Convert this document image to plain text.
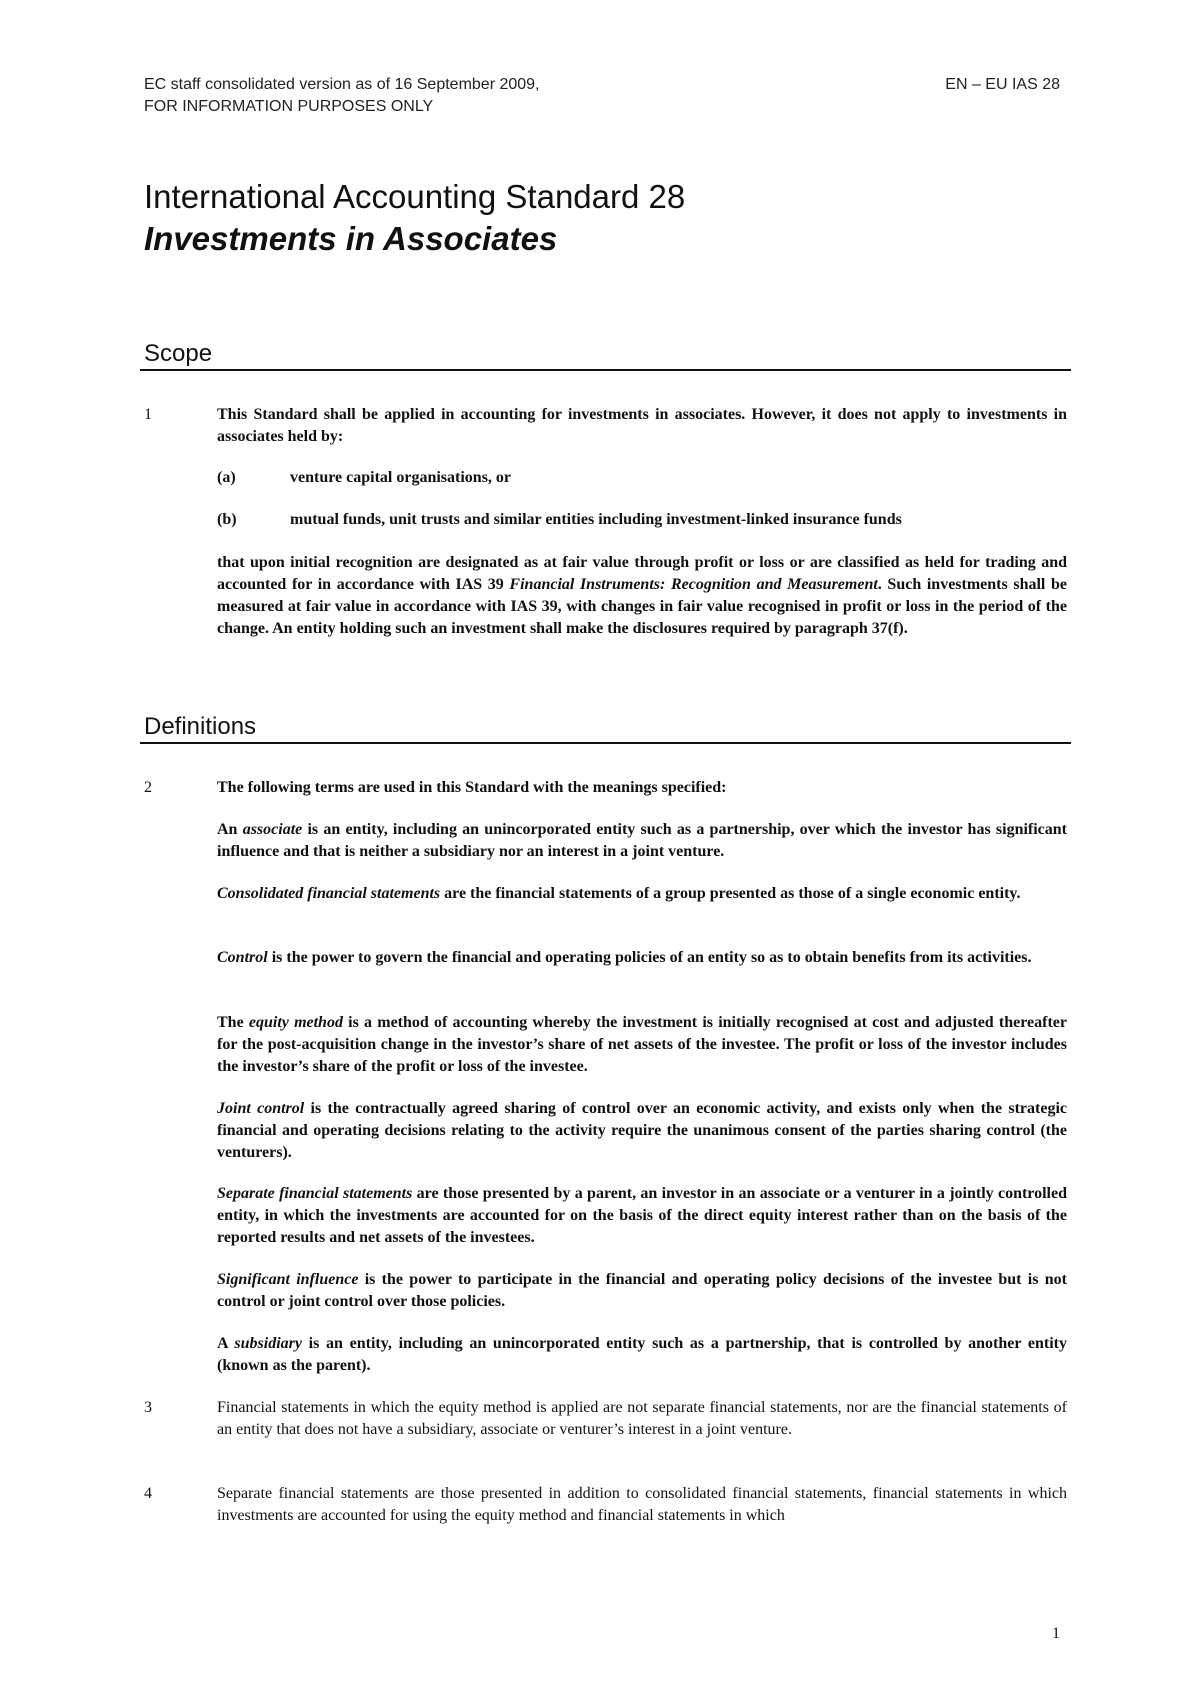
EC staff consolidated version as of 16 September 2009,
FOR INFORMATION PURPOSES ONLY
EN – EU IAS 28
International Accounting Standard 28
Investments in Associates
Scope
1	This Standard shall be applied in accounting for investments in associates. However, it does not apply to investments in associates held by:
(a)	venture capital organisations, or
(b)	mutual funds, unit trusts and similar entities including investment-linked insurance funds
that upon initial recognition are designated as at fair value through profit or loss or are classified as held for trading and accounted for in accordance with IAS 39 Financial Instruments: Recognition and Measurement. Such investments shall be measured at fair value in accordance with IAS 39, with changes in fair value recognised in profit or loss in the period of the change. An entity holding such an investment shall make the disclosures required by paragraph 37(f).
Definitions
2	The following terms are used in this Standard with the meanings specified:
An associate is an entity, including an unincorporated entity such as a partnership, over which the investor has significant influence and that is neither a subsidiary nor an interest in a joint venture.
Consolidated financial statements are the financial statements of a group presented as those of a single economic entity.
Control is the power to govern the financial and operating policies of an entity so as to obtain benefits from its activities.
The equity method is a method of accounting whereby the investment is initially recognised at cost and adjusted thereafter for the post-acquisition change in the investor’s share of net assets of the investee. The profit or loss of the investor includes the investor’s share of the profit or loss of the investee.
Joint control is the contractually agreed sharing of control over an economic activity, and exists only when the strategic financial and operating decisions relating to the activity require the unanimous consent of the parties sharing control (the venturers).
Separate financial statements are those presented by a parent, an investor in an associate or a venturer in a jointly controlled entity, in which the investments are accounted for on the basis of the direct equity interest rather than on the basis of the reported results and net assets of the investees.
Significant influence is the power to participate in the financial and operating policy decisions of the investee but is not control or joint control over those policies.
A subsidiary is an entity, including an unincorporated entity such as a partnership, that is controlled by another entity (known as the parent).
3	Financial statements in which the equity method is applied are not separate financial statements, nor are the financial statements of an entity that does not have a subsidiary, associate or venturer’s interest in a joint venture.
4	Separate financial statements are those presented in addition to consolidated financial statements, financial statements in which investments are accounted for using the equity method and financial statements in which
1
